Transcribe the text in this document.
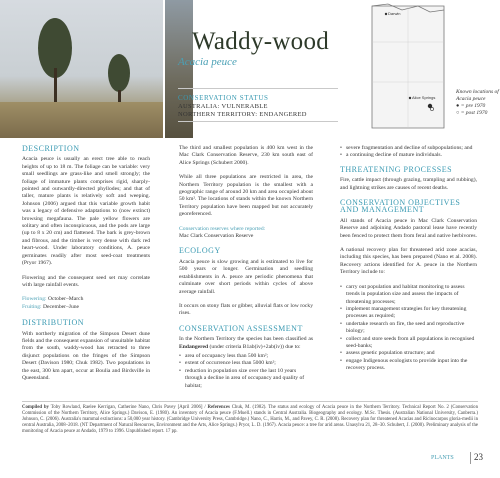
Waddy-wood
Acacia peuce
CONSERVATION STATUS
AUSTRALIA: VULNERABLE
NORTHERN TERRITORY: ENDANGERED
Darwin
Alice Springs
Known locations of Acacia peuce
● = pre 1970
○ = post 1970
DESCRIPTION

Acacia peuce is usually an erect tree able to reach heights of up to 18 m. The foliage can be variable: very small seedlings are grass-like and smell strongly; the foliage of immature plants comprises rigid, sharply-pointed and outwardly-directed phyllodes; and that of taller, mature plants is relatively soft and weeping. Johnson (2006) argued that this variable growth habit was a legacy of defensive adaptations to (now extinct) browsing megafauna. The pale yellow flowers are solitary and often inconspicuous, and the pods are large (up to 8 x 20 cm) and flattened. The bark is grey-brown and fibrous, and the timber is very dense with dark red heart-wood. Under laboratory conditions, A. peuce germinates readily after most seed-coat treatments (Pryor 1967).

Flowering and the consequent seed set may correlate with large rainfall events.

Flowering: October–March
Fruiting: December–June
DISTRIBUTION

With northerly migration of the Simpson Desert dune fields and the consequent expansion of unsuitable habitat from the south, waddy-wood has retracted to three disjunct populations on the fringes of the Simpson Desert (Davison 1980; Chuk 1982). Two populations in the east, 300 km apart, occur at Boulia and Birdsville in Queensland.

The third and smallest population is 400 km west in the Mac Clark Conservation Reserve, 230 km south east of Alice Springs (Schubert 2000).

While all three populations are restricted in area, the Northern Territory population is the smallest with a geographic range of around 20 km and area occupied about 50 km². The locations of stands within the known Northern Territory population have been mapped but not accurately georeferenced.

Conservation reserves where reported:
Mac Clark Conservation Reserve
ECOLOGY

Acacia peuce is slow growing and is estimated to live for 500 years or longer. Germination and seedling establishments in A. peuce are periodic phenomena that culminate over short periods within cycles of above average rainfall.

It occurs on stony flats or gibber, alluvial flats or low rocky rises.

CONSERVATION ASSESSMENT

In the Northern Territory the species has been classified as Endangered (under criteria B1ab(iv)+2ab(iv)) due to:

• area of occupancy less than 500 km²;
• extent of occurrence less than 5000 km²;
• reduction in population size over the last 10 years through a decline in area of occupancy and quality of habitat;
• severe fragmentation and decline of subpopulations; and
• a continuing decline of mature individuals.
THREATENING PROCESSES

Fire, cattle impact (through grazing, trampling and rubbing), and lightning strikes are causes of recent deaths.

CONSERVATION OBJECTIVES AND MANAGEMENT

All stands of Acacia peuce in Mac Clark Conservation Reserve and adjoining Andado pastoral lease have recently been fenced to protect them from feral and native herbivores.

A national recovery plan for threatened arid zone acacias, including this species, has been prepared (Nano et al. 2008). Recovery actions identified for A. peuce in the Northern Territory include to:

• carry out population and habitat monitoring to assess trends in population size and assess the impacts of threatening processes;
• implement management strategies for key threatening processes as required;
• undertake research on fire, the seed and reproductive biology;
• collect and store seeds from all populations in recognised seed-banks;
• assess genetic population structure; and
• engage Indigenous ecologists to provide input into the recovery process.
Compiled by Toby Rowland, Raelee Kerrigan, Catherine Nano, Chris Pavey [April 2006] / References Chuk, M. (1982). The status and ecology of Acacia peuce in the Northern Territory. Technical Report No. 2 (Conservation Commission of the Northern Territory, Alice Springs.) Davison, E. (1980). An inventory of Acacia peuce (F.Muell.) stands in Central Australia. Biogeography and ecology. M.Sc. Thesis. (Australian National University, Canberra.) Johnson, C. (2006). Australia's mammal extinctions: a 50,000 year history. (Cambridge University Press, Cambridge.) Nano, C., Harris, M., and Pavey, C. R. (2008). Recovery plan for threatened Acacias and Ricinocarpos gloria-medii in central Australia, 2008–2018. (NT Department of Natural Resources, Environment and the Arts, Alice Springs.) Pryor, L. D. (1967). Acacia peuce: a tree for arid areas. Unasylva 21, 28–30. Schubert, J. (2000). Preliminary analysis of the monitoring of Acacia peuce at Andado, 1979 to 1996. Unpublished report. 17 pp.
PLANTS 23
